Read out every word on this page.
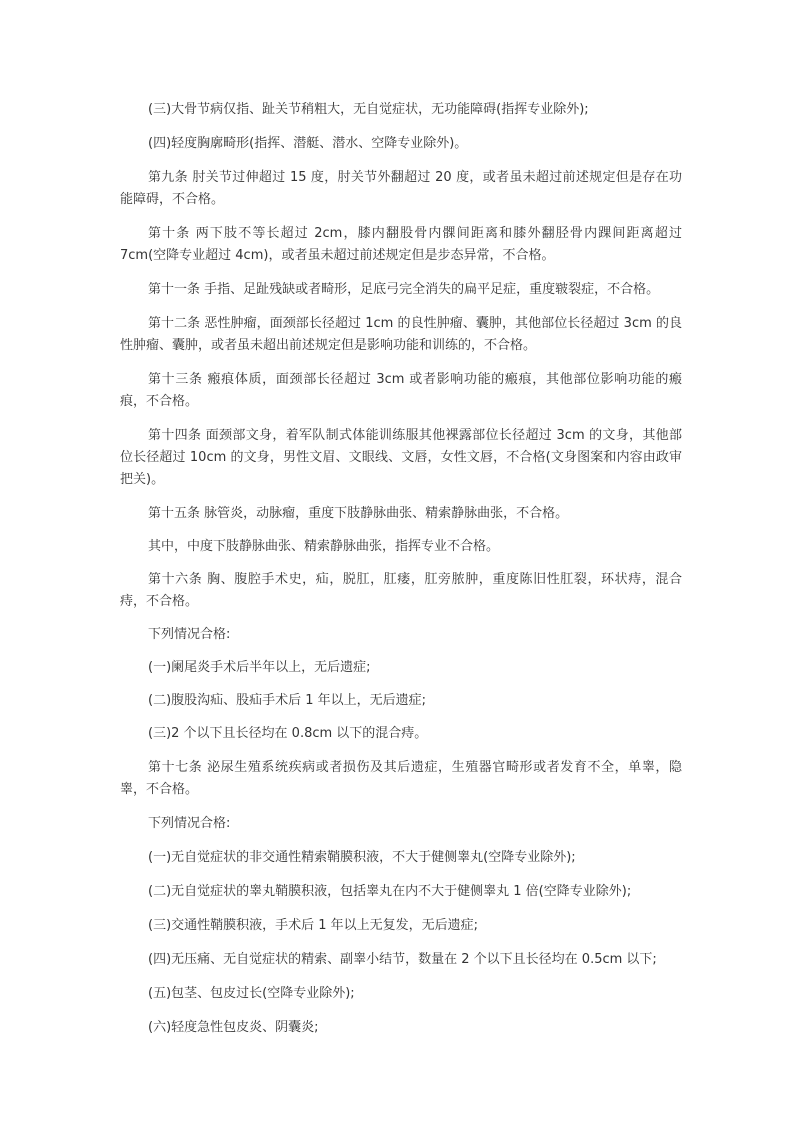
(三)大骨节病仅指、趾关节稍粗大，无自觉症状，无功能障碍(指挥专业除外);

(四)轻度胸廓畸形(指挥、潜艇、潜水、空降专业除外)。

第九条 肘关节过伸超过 15 度，肘关节外翻超过 20 度，或者虽未超过前述规定但是存在功能障碍，不合格。

第十条 两下肢不等长超过 2cm，膝内翻股骨内髁间距离和膝外翻胫骨内踝间距离超过 7cm(空降专业超过 4cm)，或者虽未超过前述规定但是步态异常，不合格。

第十一条 手指、足趾残缺或者畸形，足底弓完全消失的扁平足症，重度皲裂症，不合格。

第十二条 恶性肿瘤，面颈部长径超过 1cm 的良性肿瘤、囊肿，其他部位长径超过 3cm 的良性肿瘤、囊肿，或者虽未超出前述规定但是影响功能和训练的，不合格。

第十三条 瘢痕体质，面颈部长径超过 3cm 或者影响功能的瘢痕，其他部位影响功能的瘢痕，不合格。

第十四条 面颈部文身，着军队制式体能训练服其他裸露部位长径超过 3cm 的文身，其他部位长径超过 10cm 的文身，男性文眉、文眼线、文唇，女性文唇，不合格(文身图案和内容由政审把关)。

第十五条 脉管炎，动脉瘤，重度下肢静脉曲张、精索静脉曲张，不合格。

其中，中度下肢静脉曲张、精索静脉曲张，指挥专业不合格。

第十六条 胸、腹腔手术史，疝，脱肛，肛瘘，肛旁脓肿，重度陈旧性肛裂，环状痔，混合痔，不合格。

下列情况合格:

(一)阑尾炎手术后半年以上，无后遗症;

(二)腹股沟疝、股疝手术后 1 年以上，无后遗症;

(三)2 个以下且长径均在 0.8cm 以下的混合痔。

第十七条 泌尿生殖系统疾病或者损伤及其后遗症，生殖器官畸形或者发育不全，单睾，隐睾，不合格。

下列情况合格:

(一)无自觉症状的非交通性精索鞘膜积液，不大于健侧睾丸(空降专业除外);

(二)无自觉症状的睾丸鞘膜积液，包括睾丸在内不大于健侧睾丸 1 倍(空降专业除外);

(三)交通性鞘膜积液，手术后 1 年以上无复发，无后遗症;

(四)无压痛、无自觉症状的精索、副睾小结节，数量在 2 个以下且长径均在 0.5cm 以下;

(五)包茎、包皮过长(空降专业除外);

(六)轻度急性包皮炎、阴囊炎;
